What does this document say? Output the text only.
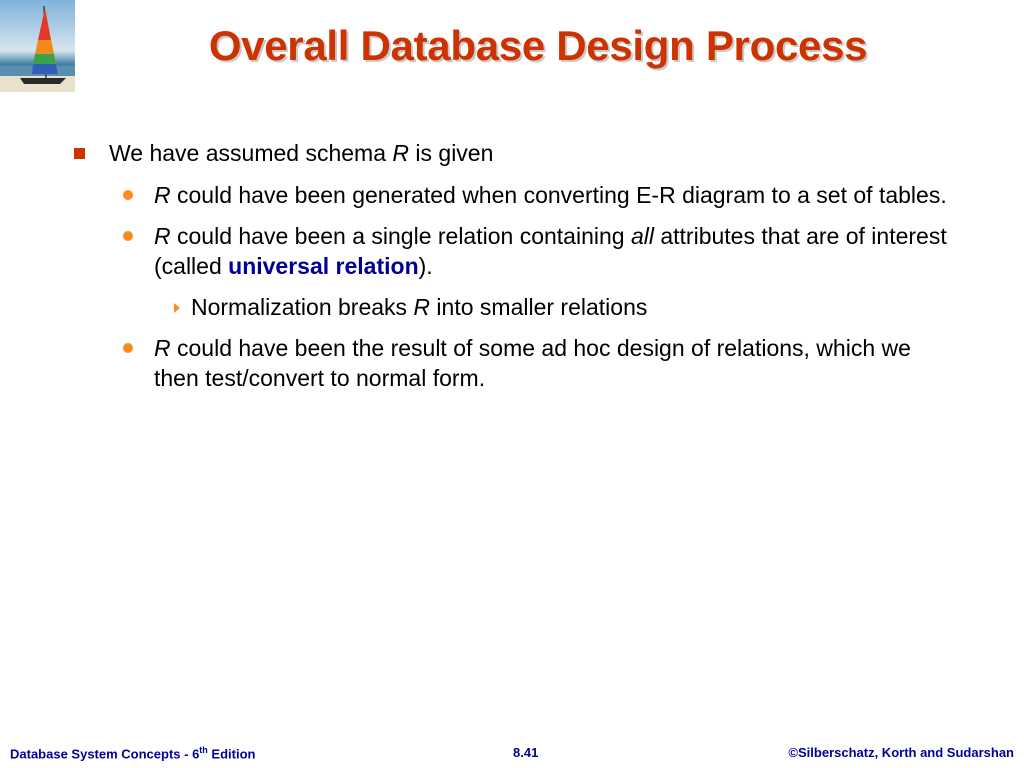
Overall Database Design Process
We have assumed schema R is given
R could have been generated when converting E-R diagram to a set of tables.
R could have been a single relation containing all attributes that are of interest (called universal relation).
Normalization breaks R into smaller relations
R could have been the result of some ad hoc design of relations, which we then test/convert to normal form.
Database System Concepts - 6th Edition	8.41	©Silberschatz, Korth and Sudarshan
